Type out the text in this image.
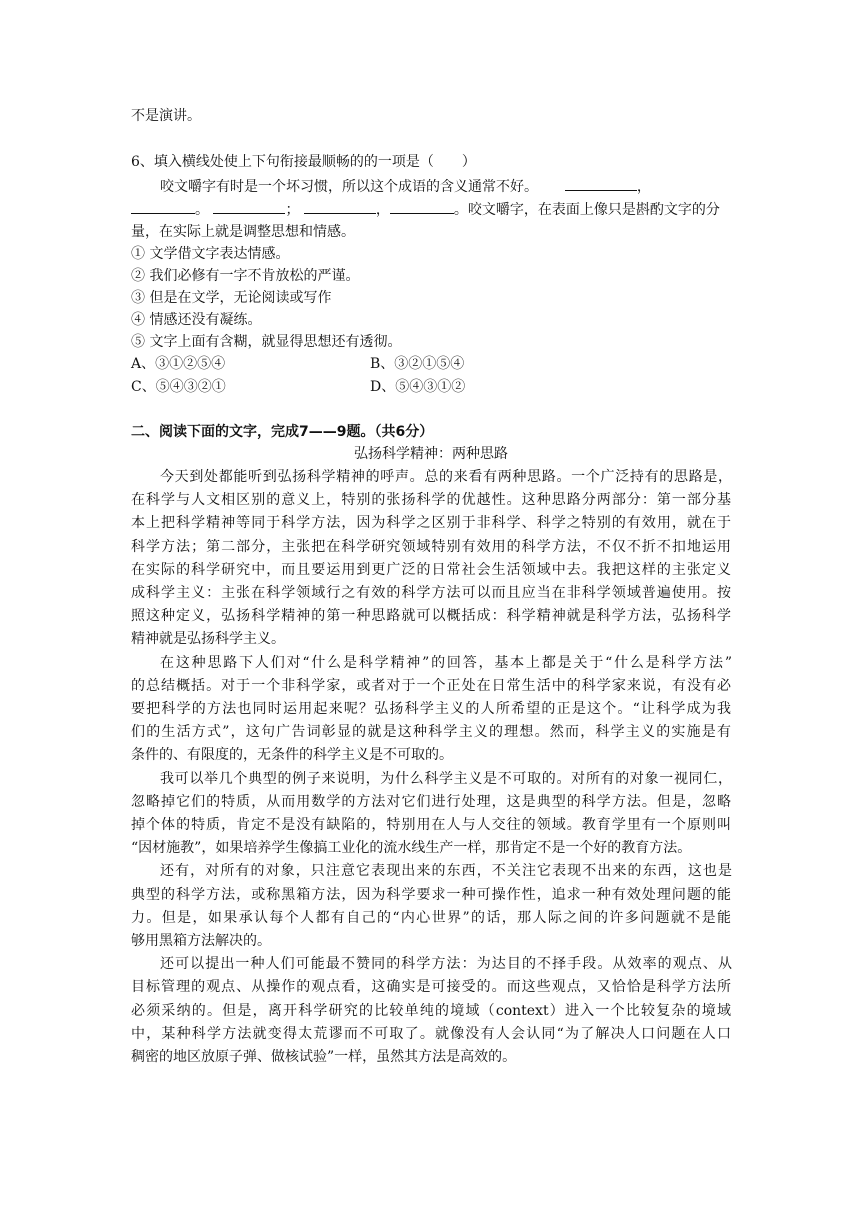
不是演讲。
6、填入横线处使上下句衔接最顺畅的的一项是（　　）
咬文嚼字有时是一个坏习惯，所以这个成语的含义通常不好。	，
。	；	，	。咬文嚼字，在表面上像只是斟酌文字的分
量，在实际上就是调整思想和情感。
① 文学借文字表达情感。
② 我们必修有一字不肯放松的严谨。
③ 但是在文学，无论阅读或写作
④ 情感还没有凝练。
⑤ 文字上面有含糊，就显得思想还有透彻。
A、③①②⑤④	B、③②①⑤④
C、⑤④③②①	D、⑤④③①②
二、阅读下面的文字，完成7——9题。（共6分）
弘扬科学精神：两种思路
今天到处都能听到弘扬科学精神的呼声。总的来看有两种思路。一个广泛持有的思路是，
在科学与人文相区别的意义上，特别的张扬科学的优越性。这种思路分两部分：第一部分基
本上把科学精神等同于科学方法，因为科学之区别于非科学、科学之特别的有效用，就在于
科学方法；第二部分，主张把在科学研究领域特别有效用的科学方法，不仅不折不扣地运用
在实际的科学研究中，而且要运用到更广泛的日常社会生活领域中去。我把这样的主张定义
成科学主义：主张在科学领域行之有效的科学方法可以而且应当在非科学领域普遍使用。按
照这种定义，弘扬科学精神的第一种思路就可以概括成：科学精神就是科学方法，弘扬科学
精神就是弘扬科学主义。
在这种思路下人们对“什么是科学精神”的回答，基本上都是关于“什么是科学方法”
的总结概括。对于一个非科学家，或者对于一个正处在日常生活中的科学家来说，有没有必
要把科学的方法也同时运用起来呢？弘扬科学主义的人所希望的正是这个。“让科学成为我
们的生活方式”，这句广告词彰显的就是这种科学主义的理想。然而，科学主义的实施是有
条件的、有限度的，无条件的科学主义是不可取的。
我可以举几个典型的例子来说明，为什么科学主义是不可取的。对所有的对象一视同仁，
忽略掉它们的特质，从而用数学的方法对它们进行处理，这是典型的科学方法。但是，忽略
掉个体的特质，肯定不是没有缺陷的，特别用在人与人交往的领域。教育学里有一个原则叫
“因材施教”，如果培养学生像搞工业化的流水线生产一样，那肯定不是一个好的教育方法。
还有，对所有的对象，只注意它表现出来的东西，不关注它表现不出来的东西，这也是
典型的科学方法，或称黑箱方法，因为科学要求一种可操作性，追求一种有效处理问题的能
力。但是，如果承认每个人都有自己的“内心世界”的话，那人际之间的许多问题就不是能
够用黑箱方法解决的。
还可以提出一种人们可能最不赞同的科学方法：为达目的不择手段。从效率的观点、从
目标管理的观点、从操作的观点看，这确实是可接受的。而这些观点，又恰恰是科学方法所
必须采纳的。但是，离开科学研究的比较单纯的境域（context）进入一个比较复杂的境域
中，某种科学方法就变得太荒谬而不可取了。就像没有人会认同“为了解决人口问题在人口
稠密的地区放原子弹、做核试验”一样，虽然其方法是高效的。
